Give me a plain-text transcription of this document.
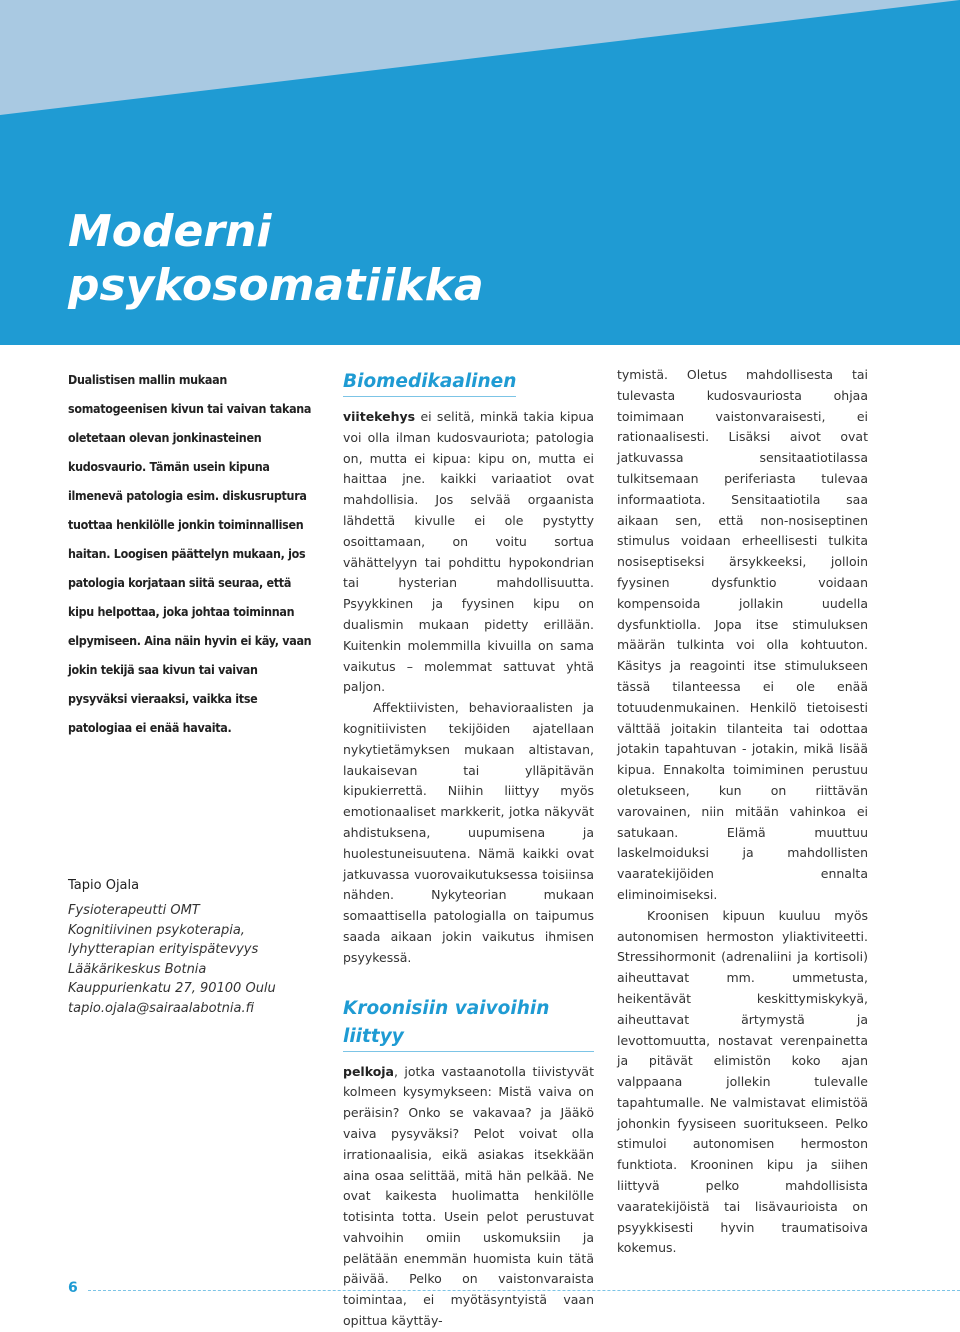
Moderni
psykosomatiikka

Dualistisen mallin mukaan somatogeenisen kivun tai vaivan takana oletetaan olevan jonkinasteinen kudosvaurio. Tämän usein kipuna ilmenevä patologia esim. diskusruptura tuottaa henkilölle jonkin toiminnallisen haitan. Loogisen päättelyn mukaan, jos patologia korjataan siitä seuraa, että kipu helpottaa, joka johtaa toiminnan elpymiseen. Aina näin hyvin ei käy, vaan jokin tekijä saa kivun tai vaivan pysyväksi vieraaksi, vaikka itse patologiaa ei enää havaita.

Tapio Ojala

Fysioterapeutti OMT

Kognitiivinen psykoterapia,

lyhytterapian erityispätevyys

Lääkärikeskus Botnia

Kauppurienkatu 27, 90100 Oulu

tapio.ojala@sairaalabotnia.fi

Biomedikaalinen

viitekehys ei selitä, minkä takia kipua voi olla ilman kudosvauriota; patologia on, mutta ei kipua: kipu on, mutta ei haittaa jne. kaikki variaatiot ovat mahdollisia. Jos selvää orgaanista lähdettä kivulle ei ole pystytty osoittamaan, on voitu sortua vähättelyyn tai pohdittu hypokondrian tai hysterian mahdollisuutta. Psyykkinen ja fyysinen kipu on dualismin mukaan pidetty erillään. Kuitenkin molemmilla kivuilla on sama vaikutus – molemmat sattuvat yhtä paljon.

Affektiivisten, behavioraalisten ja kognitiivisten tekijöiden ajatellaan nykytietämyksen mukaan altistavan, laukaisevan tai ylläpitävän kipukierrettä. Niihin liittyy myös emotionaaliset markkerit, jotka näkyvät ahdistuksena, uupumisena ja huolestuneisuutena. Nämä kaikki ovat jatkuvassa vuorovaikutuksessa toisiinsa nähden. Nykyteorian mukaan somaattisella patologialla on taipumus saada aikaan jokin vaikutus ihmisen psyykessä.

Kroonisiin vaivoihin liittyy

pelkoja, jotka vastaanotolla tiivistyvät kolmeen kysymykseen: Mistä vaiva on peräisin? Onko se vakavaa? ja Jääkö vaiva pysyväksi? Pelot voivat olla irrationaalisia, eikä asiakas itsekkään aina osaa selittää, mitä hän pelkää. Ne ovat kaikesta huolimatta henkilölle totisinta totta. Usein pelot perustuvat vahvoihin omiin uskomuksiin ja pelätään enemmän huomista kuin tätä päivää. Pelko on vaistonvaraista toimintaa, ei myötäsyntyistä vaan opittua käyttäy-

tymistä. Oletus mahdollisesta tai tulevasta kudosvauriosta ohjaa toimimaan vaistonvaraisesti, ei rationaalisesti. Lisäksi aivot ovat jatkuvassa sensitaatiotilassa tulkitsemaan periferiasta tulevaa informaatiota. Sensitaatiotila saa aikaan sen, että non-nosiseptinen stimulus voidaan erheellisesti tulkita nosiseptiseksi ärsykkeeksi, jolloin fyysinen dysfunktio voidaan kompensoida jollakin uudella dysfunktiolla. Jopa itse stimuluksen määrän tulkinta voi olla kohtuuton. Käsitys ja reagointi itse stimulukseen tässä tilanteessa ei ole enää totuudenmukainen. Henkilö tietoisesti välttää joitakin tilanteita tai odottaa jotakin tapahtuvan - jotakin, mikä lisää kipua. Ennakolta toimiminen perustuu oletukseen, kun on riittävän varovainen, niin mitään vahinkoa ei satukaan. Elämä muuttuu laskelmoiduksi ja mahdollisten vaaratekijöiden ennalta eliminoimiseksi.

Kroonisen kipuun kuuluu myös autonomisen hermoston yliaktiviteetti. Stressihormonit (adrenaliini ja kortisoli) aiheuttavat mm. ummetusta, heikentävät keskittymiskykyä, aiheuttavat ärtymystä ja levottomuutta, nostavat verenpainetta ja pitävät elimistön koko ajan valppaana jollekin tulevalle tapahtumalle. Ne valmistavat elimistöä johonkin fyysiseen suoritukseen. Pelko stimuloi autonomisen hermoston funktiota. Krooninen kipu ja siihen liittyvä pelko mahdollisista vaaratekijöistä tai lisävaurioista on psyykkisesti hyvin traumatisoiva kokemus.

6
